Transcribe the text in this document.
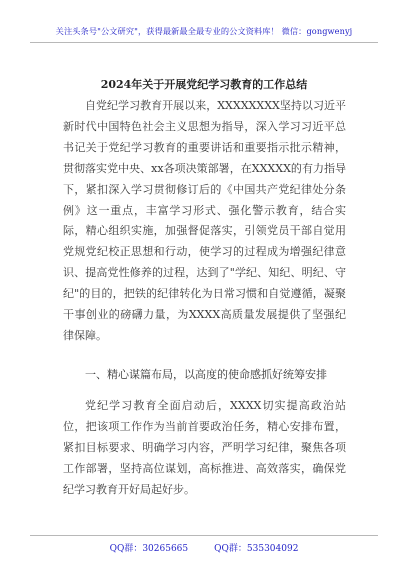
关注头条号"公文研究"，获得最新最全最专业的公文资料库！ 微信：gongwenyj
2024年关于开展党纪学习教育的工作总结

自党纪学习教育开展以来，XXXXXXXX坚持以习近平新时代中国特色社会主义思想为指导，深入学习习近平总书记关于党纪学习教育的重要讲话和重要指示批示精神，贯彻落实党中央、xx各项决策部署，在XXXXX的有力指导下，紧扣深入学习贯彻修订后的《中国共产党纪律处分条例》这一重点，丰富学习形式、强化警示教育，结合实际，精心组织实施，加强督促落实，引领党员干部自觉用党规党纪校正思想和行动，使学习的过程成为增强纪律意识、提高党性修养的过程，达到了"学纪、知纪、明纪、守纪"的目的，把铁的纪律转化为日常习惯和自觉遵循，凝聚干事创业的磅礴力量，为XXXX高质量发展提供了坚强纪律保障。

一、精心谋篇布局，以高度的使命感抓好统筹安排

党纪学习教育全面启动后，XXXX切实提高政治站位，把该项工作作为当前首要政治任务，精心安排布置，紧扣目标要求、明确学习内容，严明学习纪律，聚焦各项工作部署，坚持高位谋划，高标推进、高效落实，确保党纪学习教育开好局起好步。

QQ群：30265665	QQ群：535304092
